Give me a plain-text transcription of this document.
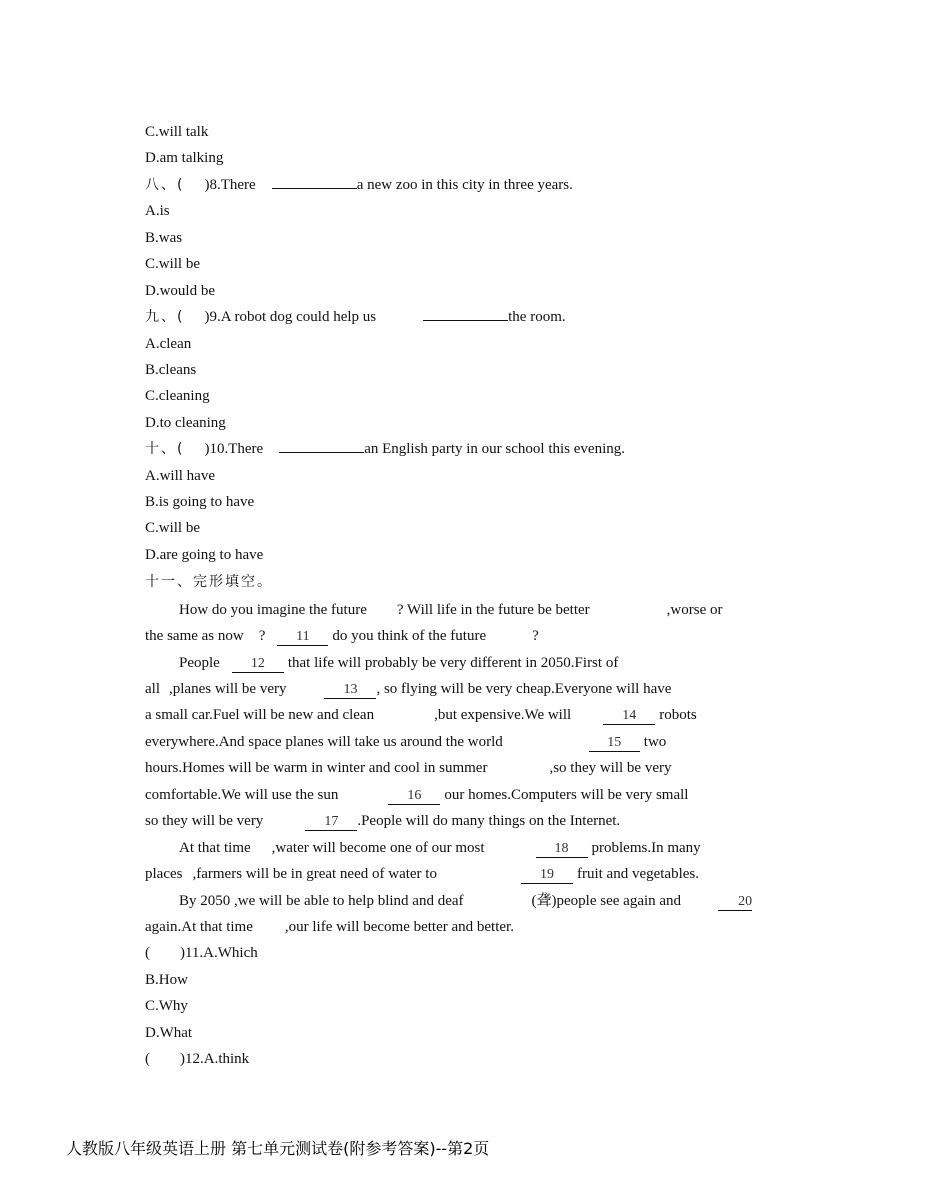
C.will talk
D.am talking
八、( )8.There	a new zoo in this city in three years.
A.is
B.was
C.will be
D.would be
九、( )9.A robot dog could help us	the room.
A.clean
B.cleans
C.cleaning
D.to cleaning
十、( )10.There	an English party in our school this evening.
A.will have
B.is going to have
C.will be
D.are going to have
十一、完形填空。
How do you imagine the future ? Will life in the future be better	,worse or
the same as now ? 11 do you think of the future	?
People 12 that life will probably be very different in 2050.First of
all ,planes will be very	13 , so flying will be very cheap.Everyone will have
a small car.Fuel will be new and clean	,but expensive.We will	14 robots
everywhere.And space planes will take us around the world	15 two
hours.Homes will be warm in winter and cool in summer	,so they will be very
comfortable.We will use the sun	16 our homes.Computers will be very small
so they will be very	17 .People will do many things on the Internet.
At that time ,water will become one of our most	18 problems.In many
places ,farmers will be in great need of water to	19 fruit and vegetables.
By 2050 ,we will be able to help blind and deaf	(聋)people see again and	20
again.At that time ,our life will become better and better.
(　　)11.A.Which
B.How
C.Why
D.What
(　　)12.A.think
人教版八年级英语上册 第七单元测试卷(附参考答案)--第2页
